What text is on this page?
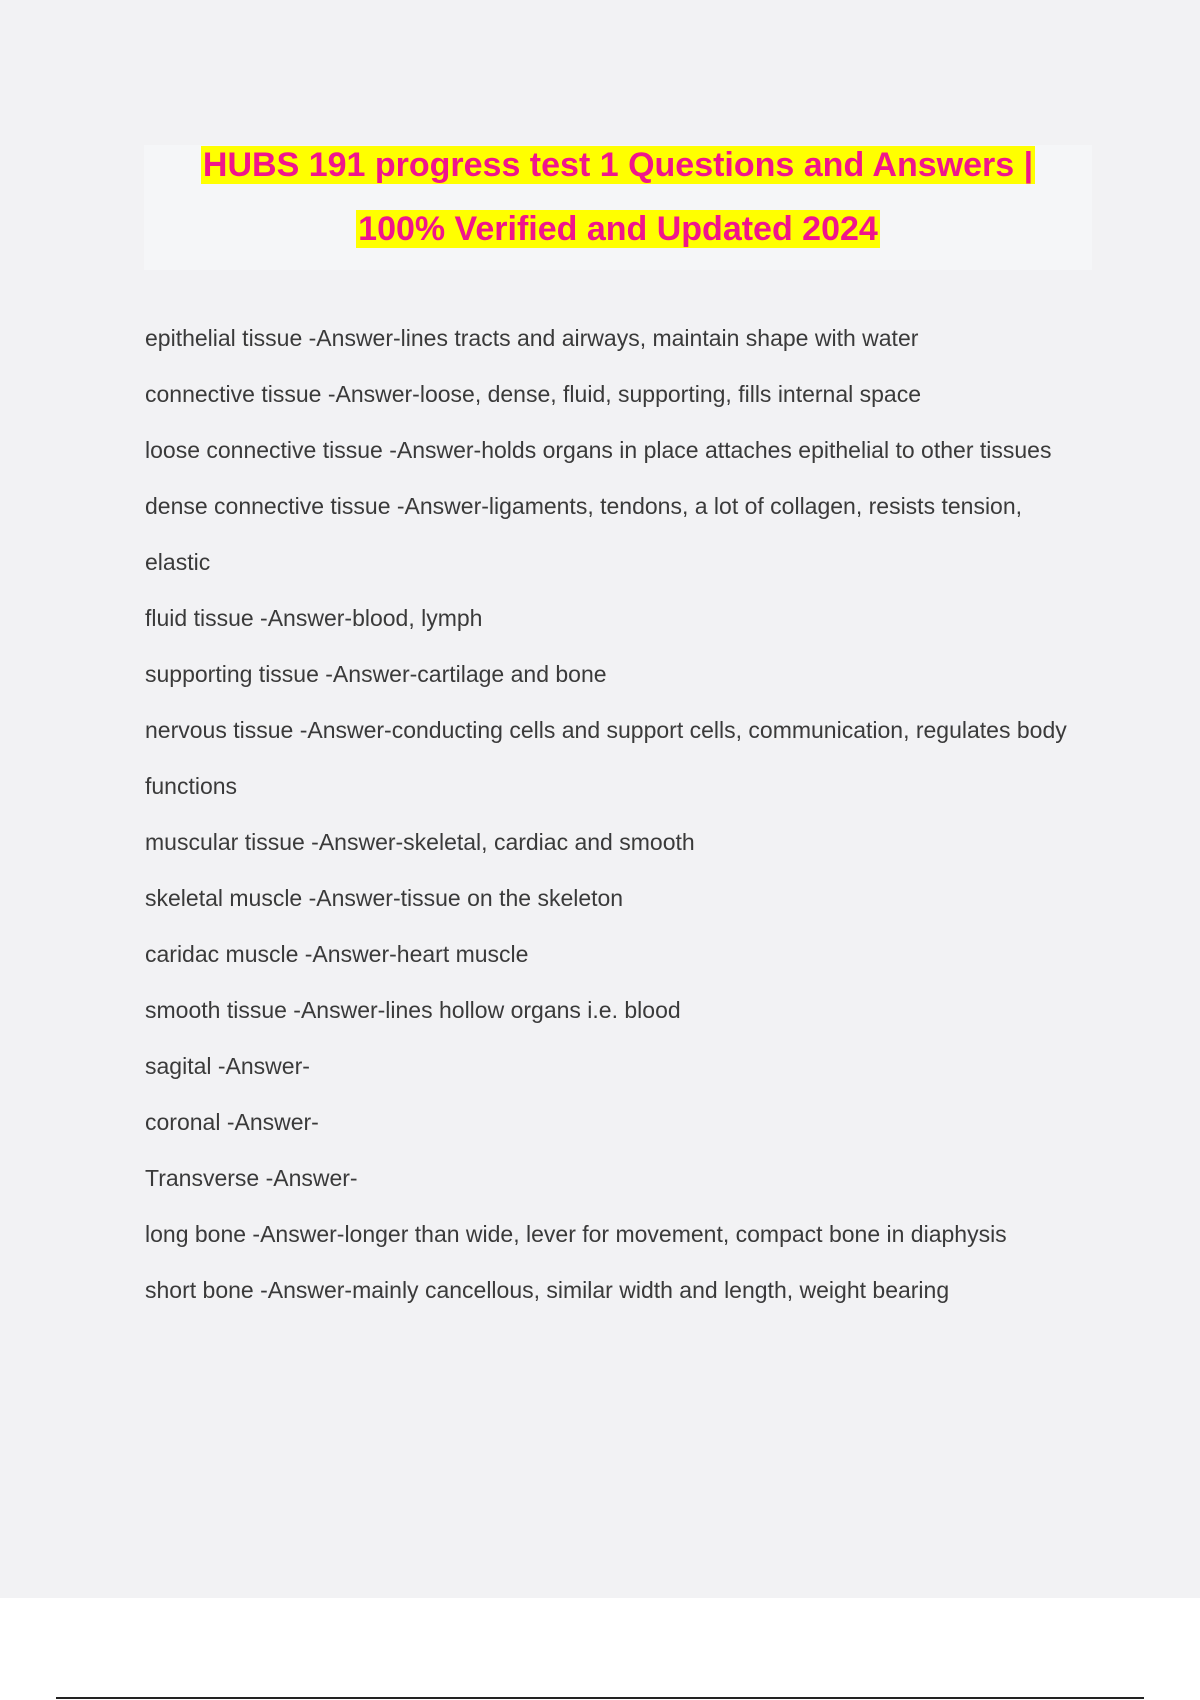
HUBS 191 progress test 1 Questions and Answers |
100% Verified and Updated 2024
epithelial tissue -Answer-lines tracts and airways, maintain shape with water
connective tissue -Answer-loose, dense, fluid, supporting, fills internal space
loose connective tissue -Answer-holds organs in place attaches epithelial to other tissues
dense connective tissue -Answer-ligaments, tendons, a lot of collagen, resists tension, elastic
fluid tissue -Answer-blood, lymph
supporting tissue -Answer-cartilage and bone
nervous tissue -Answer-conducting cells and support cells, communication, regulates body functions
muscular tissue -Answer-skeletal, cardiac and smooth
skeletal muscle -Answer-tissue on the skeleton
caridac muscle -Answer-heart muscle
smooth tissue -Answer-lines hollow organs i.e. blood
sagital -Answer-
coronal -Answer-
Transverse -Answer-
long bone -Answer-longer than wide, lever for movement, compact bone in diaphysis
short bone -Answer-mainly cancellous, similar width and length, weight bearing
